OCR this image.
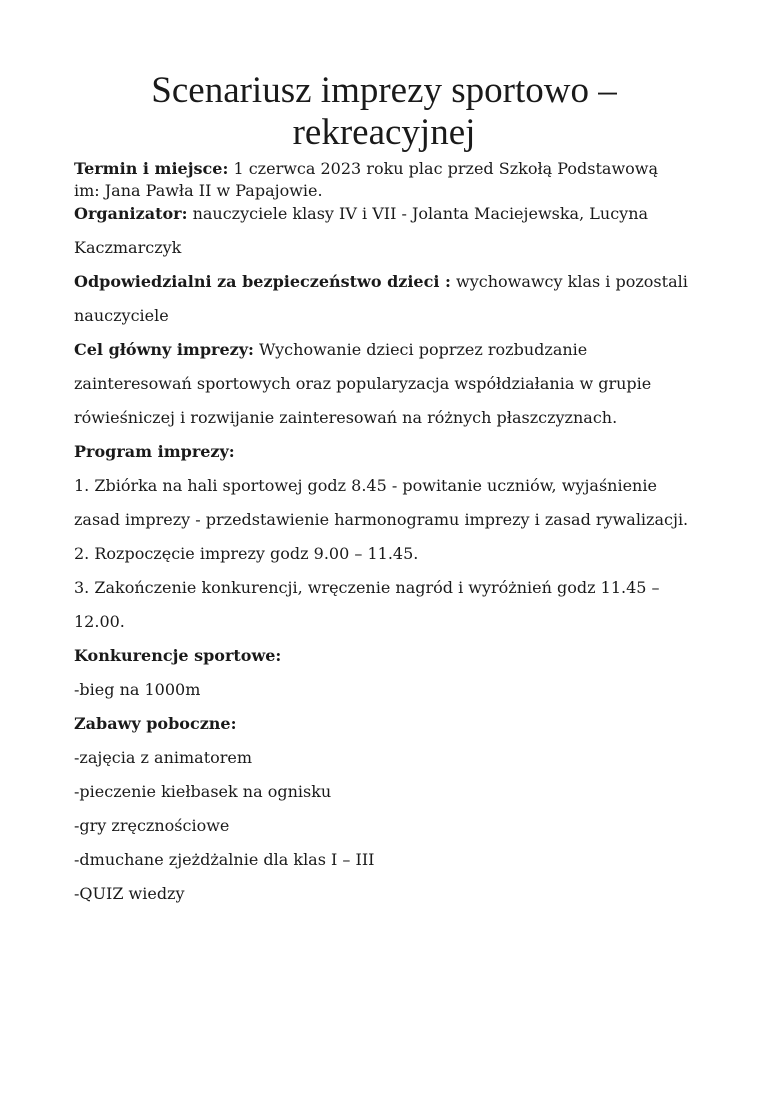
Scenariusz imprezy sportowo –
rekreacyjnej
Termin i miejsce: 1 czerwca 2023 roku plac przed Szkołą Podstawową
im: Jana Pawła II w Papajowie.
Organizator: nauczyciele klasy IV i VII - Jolanta Maciejewska, Lucyna
Kaczmarczyk
Odpowiedzialni za bezpieczeństwo dzieci : wychowawcy klas i pozostali
nauczyciele
Cel główny imprezy: Wychowanie dzieci poprzez rozbudzanie
zainteresowań sportowych oraz popularyzacja współdziałania w grupie
rówieśniczej i rozwijanie zainteresowań na różnych płaszczyznach.
Program imprezy:
1. Zbiórka na hali sportowej godz 8.45 - powitanie uczniów, wyjaśnienie
zasad imprezy - przedstawienie harmonogramu imprezy i zasad rywalizacji.
2. Rozpoczęcie imprezy godz 9.00 – 11.45.
3. Zakończenie konkurencji, wręczenie nagród i wyróżnień godz 11.45 –
12.00.
Konkurencje sportowe:
-bieg na 1000m
Zabawy poboczne:
-zajęcia z animatorem
-pieczenie kiełbasek na ognisku
-gry zręcznościowe
-dmuchane zjeżdżalnie dla klas I – III
-QUIZ wiedzy
